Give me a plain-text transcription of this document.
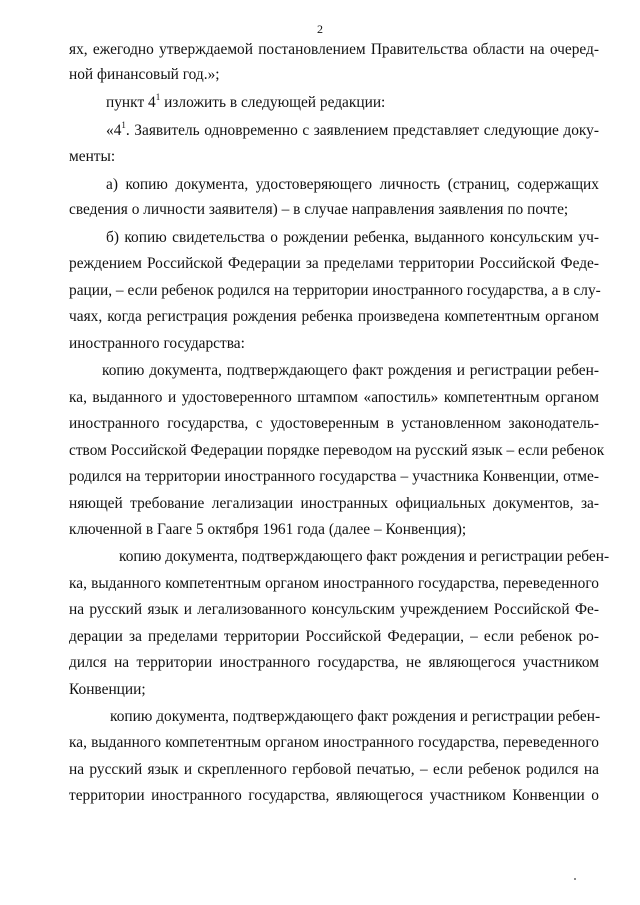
2
ях, ежегодно утверждаемой постановлением Правительства области на очеред-
ной финансовый год.»;
пункт $4^1$ изложить в следующей редакции:
«$4^1$. Заявитель одновременно с заявлением представляет следующие доку-
менты:
а) копию документа, удостоверяющего личность (страниц, содержащих
сведения о личности заявителя) – в случае направления заявления по почте;
б) копию свидетельства о рождении ребенка, выданного консульским уч-
реждением Российской Федерации за пределами территории Российской Феде-
рации, – если ребенок родился на территории иностранного государства, а в слу-
чаях, когда регистрация рождения ребенка произведена компетентным органом
иностранного государства:
копию документа, подтверждающего факт рождения и регистрации ребен-
ка, выданного и удостоверенного штампом «апостиль» компетентным органом
иностранного государства, с удостоверенным в установленном законодатель-
ством Российской Федерации порядке переводом на русский язык – если ребенок
родился на территории иностранного государства – участника Конвенции, отме-
няющей требование легализации иностранных официальных документов, за-
ключенной в Гааге 5 октября 1961 года (далее – Конвенция);
копию документа, подтверждающего факт рождения и регистрации ребен-
ка, выданного компетентным органом иностранного государства, переведенного
на русский язык и легализованного консульским учреждением Российской Фе-
дерации за пределами территории Российской Федерации, – если ребенок ро-
дился на территории иностранного государства, не являющегося участником
Конвенции;
копию документа, подтверждающего факт рождения и регистрации ребен-
ка, выданного компетентным органом иностранного государства, переведенного
на русский язык и скрепленного гербовой печатью, – если ребенок родился на
территории иностранного государства, являющегося участником Конвенции о
